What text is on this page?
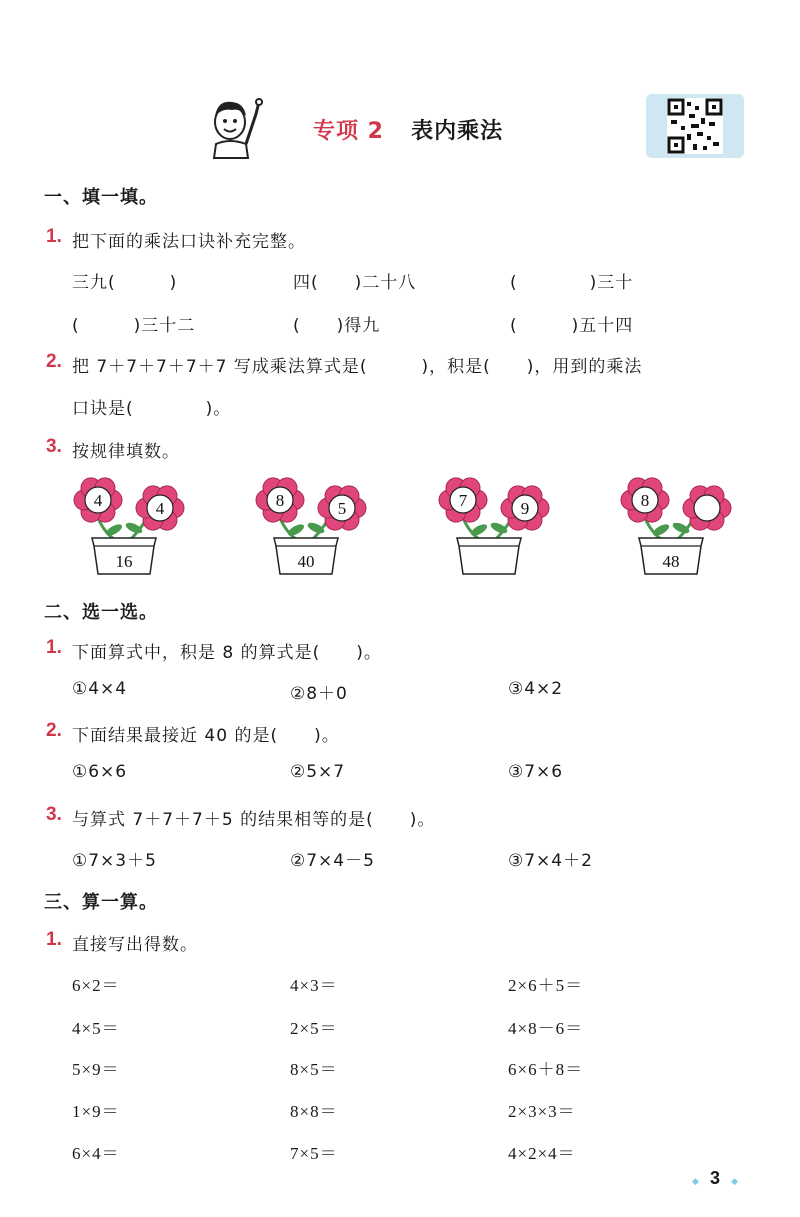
专项 2 表内乘法
一、填一填。
1. 把下面的乘法口诀补充完整。
三九(　　　)	四(　　)二十八	(　　　　)三十
(　　　)三十二	(　　)得九	(　　　)五十四
2. 把 7＋7＋7＋7＋7 写成乘法算式是(　　　)，积是(　　)，用到的乘法
口诀是(　　　　)。
3. 按规律填数。
4	4
16
8	5
40
7	9	8
48
二、选一选。
1. 下面算式中，积是 8 的算式是(　　)。
①4×4	②8＋0	③4×2
2. 下面结果最接近 40 的是(　　)。
①6×6	②5×7	③7×6
3. 与算式 7＋7＋7＋5 的结果相等的是(　　)。
①7×3＋5	②7×4－5	③7×4＋2
三、算一算。
1. 直接写出得数。
6×2＝	4×3＝	2×6＋5＝
4×5＝	2×5＝	4×8－6＝
5×9＝	8×5＝	6×6＋8＝
1×9＝	8×8＝	2×3×3＝
6×4＝	7×5＝	4×2×4＝
◆ 3 ◆
